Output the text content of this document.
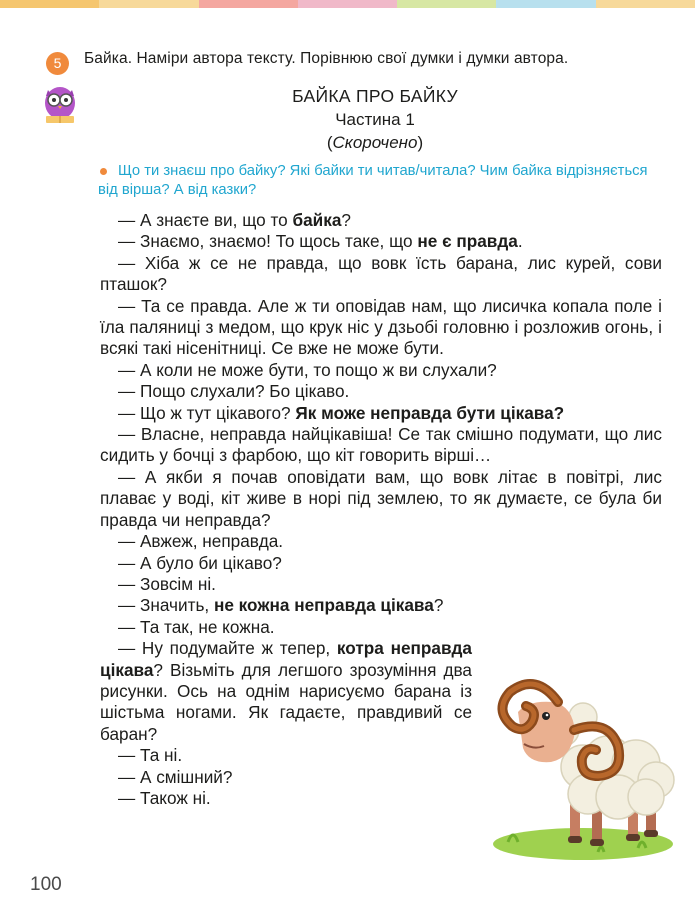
5	Байка. Наміри автора тексту. Порівнюю свої думки і думки автора.
БАЙКА ПРО БАЙКУ
Частина 1
(Скорочено)
Що ти знаєш про байку? Які байки ти читав/читала? Чим байка відрізняється від вірша? А від казки?

— А знаєте ви, що то байка?

— Знаємо, знаємо! То щось таке, що не є правда.

— Хіба ж се не правда, що вовк їсть барана, лис курей, сови пташок?

— Та се правда. Але ж ти оповідав нам, що лисичка копала поле і їла паляниці з медом, що крук ніс у дзьобі головню і розложив огонь, і всякі такі нісенітниці. Се вже не може бути.

— А коли не може бути, то пощо ж ви слухали?

— Пощо слухали? Бо цікаво.

— Що ж тут цікавого? Як може неправда бути цікава?

— Власне, неправда найцікавіша! Се так смішно подумати, що лис сидить у бочці з фарбою, що кіт говорить вірші…

— А якби я почав оповідати вам, що вовк літає в повітрі, лис плаває у воді, кіт живе в норі під землею, то як думаєте, се була би правда чи неправда?

— Авжеж, неправда.

— А було би цікаво?

— Зовсім ні.

— Значить, не кожна неправда цікава?

— Та так, не кожна.

— Ну подумайте ж тепер, котра неправда цікава? Візьміть для легшого зрозуміння два рисунки. Ось на однім нарисуємо барана із шістьма ногами. Як гадаєте, правдивий се баран?

— Та ні.

— А смішний?

— Також ні.

100
